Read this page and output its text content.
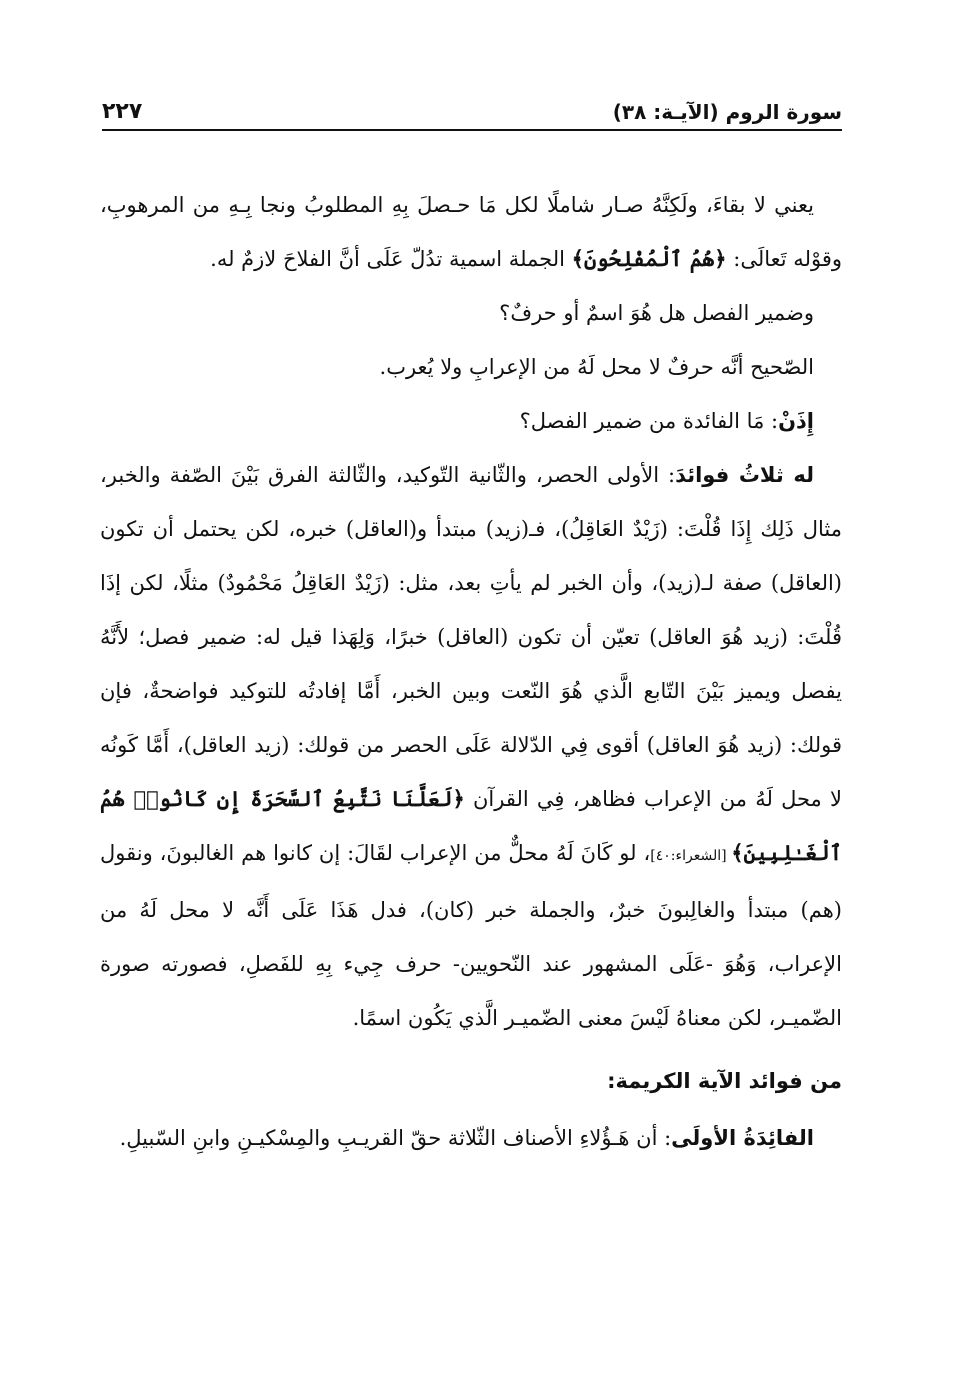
سورة الروم (الآيـة: ٣٨)
٢٢٧

يعني لا بقاءَ، ولَكِنَّهُ صـار شاملًا لكل مَا حـصلَ بِهِ المطلوبُ ونجا بِـهِ من المرهوبِ، وقوْله تَعالَى: ﴿هُمُ ٱلْمُفْلِحُونَ﴾ الجملة اسمية تدُلّ عَلَى أنَّ الفلاحَ لازمٌ له.

وضمير الفصل هل هُوَ اسمٌ أو حرفٌ؟

الصّحيح أنَّه حرفٌ لا محل لَهُ من الإعرابِ ولا يُعرب.

إِذَنْ: مَا الفائدة من ضمير الفصل؟

له ثلاثُ فوائدَ: الأولى الحصر، والثّانية التّوكيد، والثّالثة الفرق بَيْنَ الصّفة والخبر، مثال ذَلِك إِذَا قُلْتَ: (زَيْدٌ العَاقِلُ)، فـ(زيد) مبتدأ و(العاقل) خبره، لكن يحتمل أن تكون (العاقل) صفة لـ(زيد)، وأن الخبر لم يأتِ بعد، مثل: (زَيْدٌ العَاقِلُ مَحْمُودٌ) مثلًا، لكن إذَا قُلْتَ: (زيد هُوَ العاقل) تعيّن أن تكون (العاقل) خبرًا، وَلِهَذا قيل له: ضمير فصل؛ لأَنَّهُ يفصل ويميز بَيْنَ التّابع الَّذي هُوَ النّعت وبين الخبر، أَمَّا إفادتُه للتوكيد فواضحةٌ، فإن قولك: (زيد هُوَ العاقل) أقوى فِي الدّلالة عَلَى الحصر من قولك: (زيد العاقل)، أَمَّا كَونُه لا محل لَهُ من الإعراب فظاهر، فِي القرآن ﴿لَعَلَّنَا نَتَّبِعُ ٱلسَّحَرَةَ إِن كَانُوا۟ هُمُ ٱلْغَـٰلِبِينَ﴾ [الشعراء:٤٠]، لو كَانَ لَهُ محلٌّ من الإعراب لقَالَ: إن كانوا هم الغالبونَ، ونقول (هم) مبتدأ والغالِبونَ خبرٌ، والجملة خبر (كان)، فدل هَذَا عَلَى أَنَّه لا محل لَهُ من الإعراب، وَهُوَ -عَلَى المشهور عند النّحويين- حرف جِيء بِهِ للفَصلِ، فصورته صورة الضّميـر، لكن معناهُ لَيْسَ معنى الضّميـر الَّذي يَكُون اسمًا.

من فوائد الآية الكريمة:

الفائِدَةُ الأولَى: أن هَـؤُلاءِ الأصناف الثّلاثة حقّ القريـبِ والمِسْكيـنِ وابنِ السّبيلِ.
